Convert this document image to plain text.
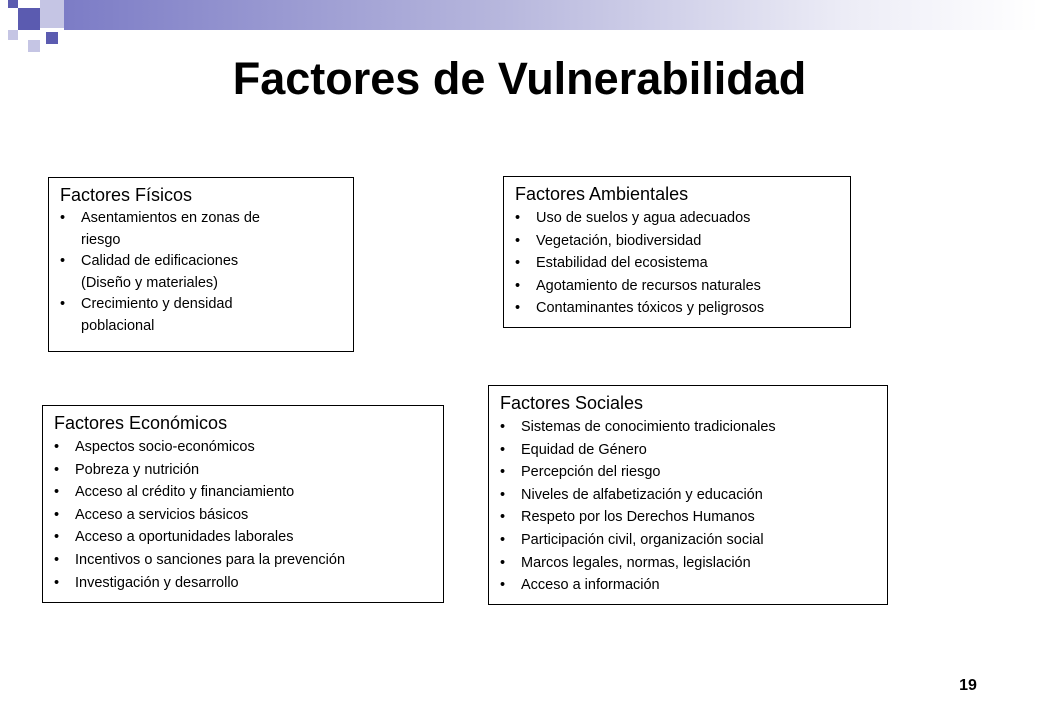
Factores de Vulnerabilidad
Factores Físicos
• Asentamientos en zonas de
riesgo
• Calidad de edificaciones
(Diseño y materiales)
• Crecimiento y densidad
poblacional
Factores Ambientales
• Uso de suelos y agua adecuados
• Vegetación, biodiversidad
• Estabilidad del ecosistema
• Agotamiento de recursos naturales
• Contaminantes tóxicos y peligrosos
Factores Económicos
• Aspectos socio-económicos
• Pobreza y nutrición
• Acceso al crédito y financiamiento
• Acceso a servicios básicos
• Acceso a oportunidades laborales
• Incentivos o sanciones para la prevención
• Investigación y desarrollo
Factores Sociales
• Sistemas de conocimiento tradicionales
• Equidad de Género
• Percepción del riesgo
• Niveles de alfabetización y educación
• Respeto por los Derechos Humanos
• Participación civil, organización social
• Marcos legales, normas, legislación
• Acceso a información
19
